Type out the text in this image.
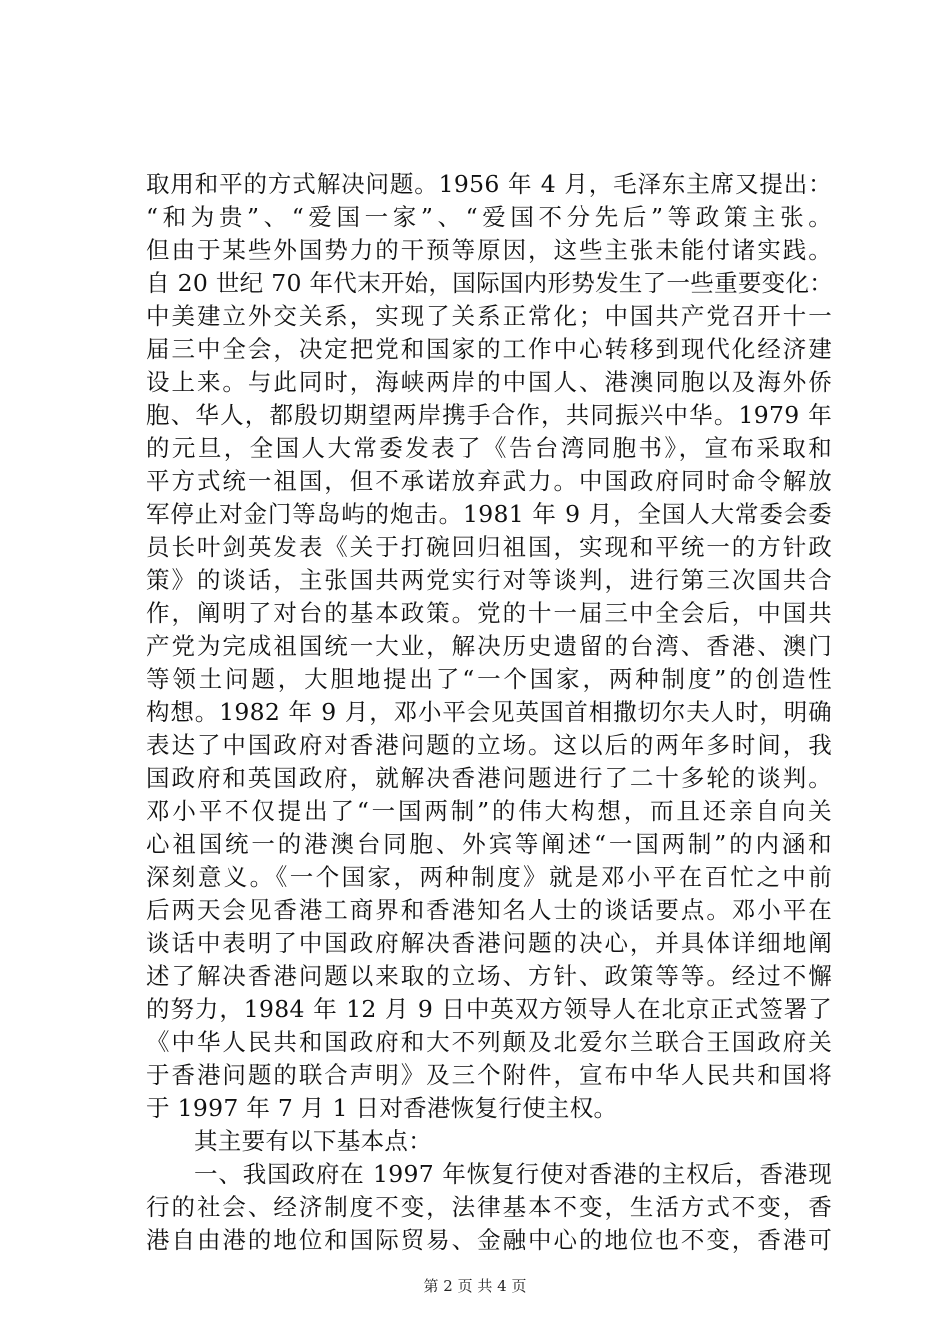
取用和平的方式解决问题。1956 年 4 月，毛泽东主席又提出：
“和为贵”、“爱国一家”、“爱国不分先后”等政策主张。
但由于某些外国势力的干预等原因，这些主张未能付诸实践。
自 20 世纪 70 年代末开始，国际国内形势发生了一些重要变化：
中美建立外交关系，实现了关系正常化；中国共产党召开十一
届三中全会，决定把党和国家的工作中心转移到现代化经济建
设上来。与此同时，海峡两岸的中国人、港澳同胞以及海外侨
胞、华人，都殷切期望两岸携手合作，共同振兴中华。1979 年
的元旦，全国人大常委发表了《告台湾同胞书》，宣布采取和
平方式统一祖国，但不承诺放弃武力。中国政府同时命令解放
军停止对金门等岛屿的炮击。1981 年 9 月，全国人大常委会委
员长叶剑英发表《关于打碗回归祖国，实现和平统一的方针政
策》的谈话，主张国共两党实行对等谈判，进行第三次国共合
作，阐明了对台的基本政策。党的十一届三中全会后，中国共
产党为完成祖国统一大业，解决历史遗留的台湾、香港、澳门
等领土问题，大胆地提出了“一个国家，两种制度”的创造性
构想。1982 年 9 月，邓小平会见英国首相撒切尔夫人时，明确
表达了中国政府对香港问题的立场。这以后的两年多时间，我
国政府和英国政府，就解决香港问题进行了二十多轮的谈判。
邓小平不仅提出了“一国两制”的伟大构想，而且还亲自向关
心祖国统一的港澳台同胞、外宾等阐述“一国两制”的内涵和
深刻意义。《一个国家，两种制度》就是邓小平在百忙之中前
后两天会见香港工商界和香港知名人士的谈话要点。邓小平在
谈话中表明了中国政府解决香港问题的决心，并具体详细地阐
述了解决香港问题以来取的立场、方针、政策等等。经过不懈
的努力，1984 年 12 月 9 日中英双方领导人在北京正式签署了
《中华人民共和国政府和大不列颠及北爱尔兰联合王国政府关
于香港问题的联合声明》及三个附件，宣布中华人民共和国将
于 1997 年 7 月 1 日对香港恢复行使主权。
其主要有以下基本点：
一、我国政府在 1997 年恢复行使对香港的主权后，香港现
行的社会、经济制度不变，法律基本不变，生活方式不变，香
港自由港的地位和国际贸易、金融中心的地位也不变，香港可
第 2 页 共 4 页
